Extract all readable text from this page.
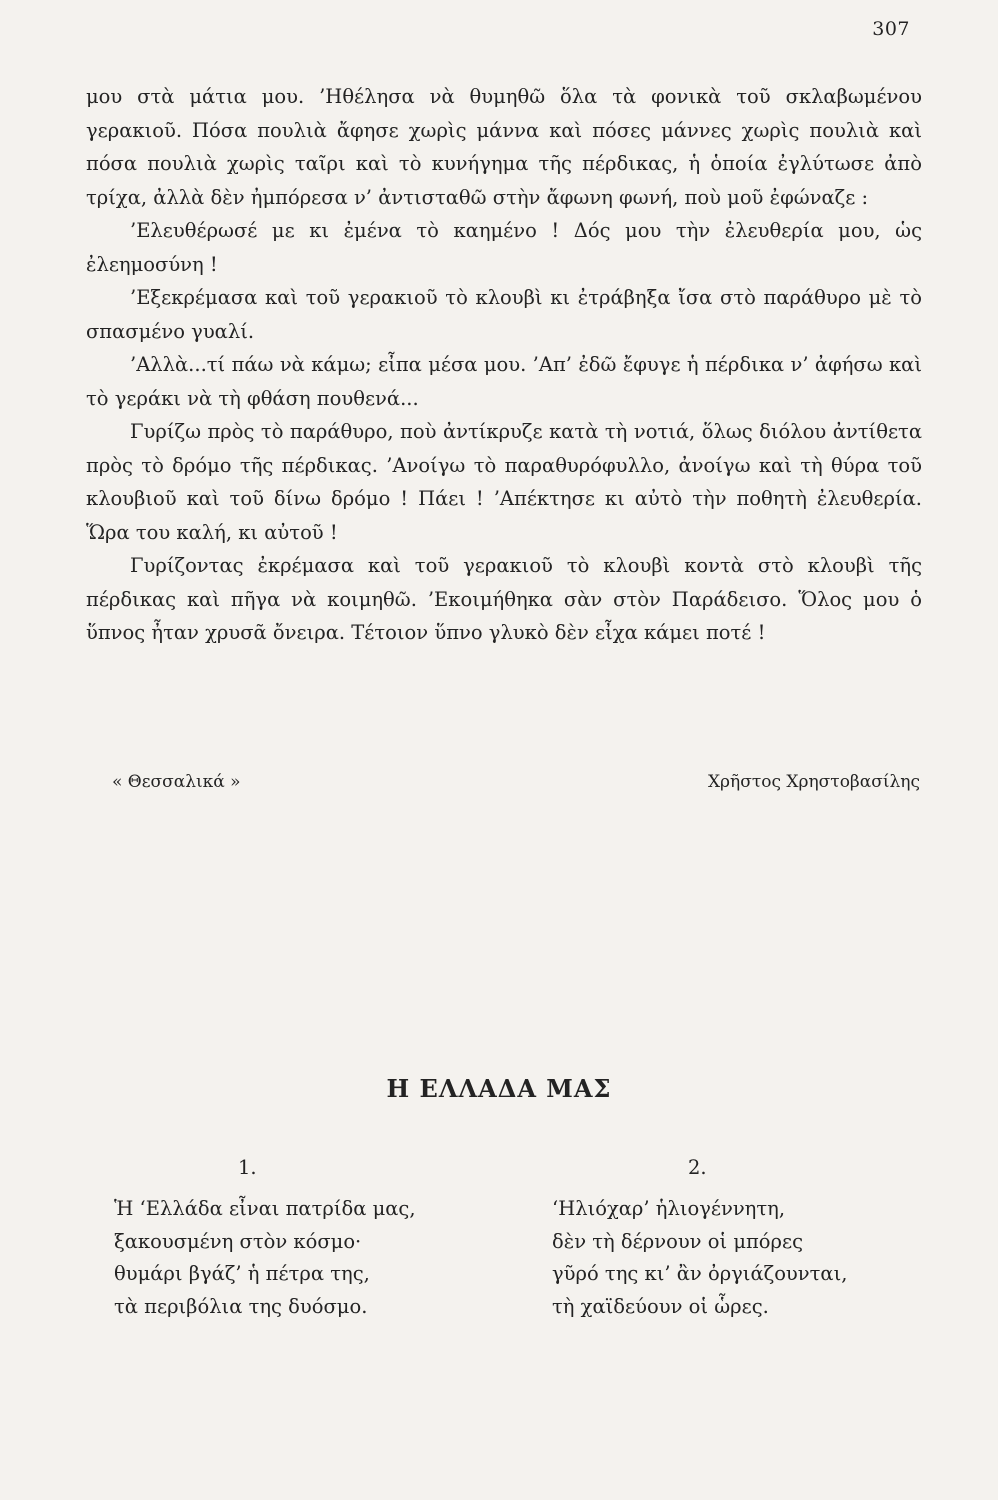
307

μου στὰ μάτια μου. ’Ηθέλησα νὰ θυμηθῶ ὅλα τὰ φονικὰ τοῦ σκλαβωμένου γερακιοῦ. Πόσα πουλιὰ ἄφησε χωρὶς μάννα καὶ πόσες μάννες χωρὶς πουλιὰ καὶ πόσα πουλιὰ χωρὶς ταῖρι καὶ τὸ κυνήγημα τῆς πέρδικας, ἡ ὁποία ἐγλύτωσε ἀπὸ τρίχα, ἀλλὰ δὲν ἠμπόρεσα ν’ ἀντισταθῶ στὴν ἄφωνη φωνή, ποὺ μοῦ ἐφώναζε :

’Ελευθέρωσέ με κι ἐμένα τὸ καημένο ! Δός μου τὴν ἐλευθερία μου, ὡς ἐλεημοσύνη !

’Εξεκρέμασα καὶ τοῦ γερακιοῦ τὸ κλουβὶ κι ἐτράβηξα ἴσα στὸ παράθυρο μὲ τὸ σπασμένο γυαλί.

’Αλλὰ...τί πάω νὰ κάμω; εἶπα μέσα μου. ’Απ’ ἐδῶ ἔφυγε ἡ πέρδικα ν’ ἀφήσω καὶ τὸ γεράκι νὰ τὴ φθάση πουθενά...

Γυρίζω πρὸς τὸ παράθυρο, ποὺ ἀντίκρυζε κατὰ τὴ νοτιά, ὅλως διόλου ἀντίθετα πρὸς τὸ δρόμο τῆς πέρδικας. ’Ανοίγω τὸ παραθυρόφυλλο, ἀνοίγω καὶ τὴ θύρα τοῦ κλουβιοῦ καὶ τοῦ δίνω δρόμο ! Πάει ! ’Απέκτησε κι αὐτὸ τὴν ποθητὴ ἐλευθερία. Ὥρα του καλή, κι αὐτοῦ !

Γυρίζοντας ἐκρέμασα καὶ τοῦ γερακιοῦ τὸ κλουβὶ κοντὰ στὸ κλουβὶ τῆς πέρδικας καὶ πῆγα νὰ κοιμηθῶ. ’Εκοιμήθηκα σὰν στὸν Παράδεισο. Ὅλος μου ὁ ὕπνος ἦταν χρυσᾶ ὄνειρα. Τέτοιον ὕπνο γλυκὸ δὲν εἶχα κάμει ποτέ !

« Θεσσαλικά »	Χρῆστος Χρηστοβασίλης
Η ΕΛΛΑΔΑ ΜΑΣ
1.
Ἡ ‘Ελλάδα εἶναι πατρίδα μας,
ξακουσμένη στὸν κόσμο·
θυμάρι βγάζ’ ἡ πέτρα της,
τὰ περιβόλια της δυόσμο.
2.
‘Ηλιόχαρ’ ἡλιογέννητη,
δὲν τὴ δέρνουν οἱ μπόρες
γῦρό της κι’ ἂν ὀργιάζουνται,
τὴ χαϊδεύουν οἱ ὧρες.
